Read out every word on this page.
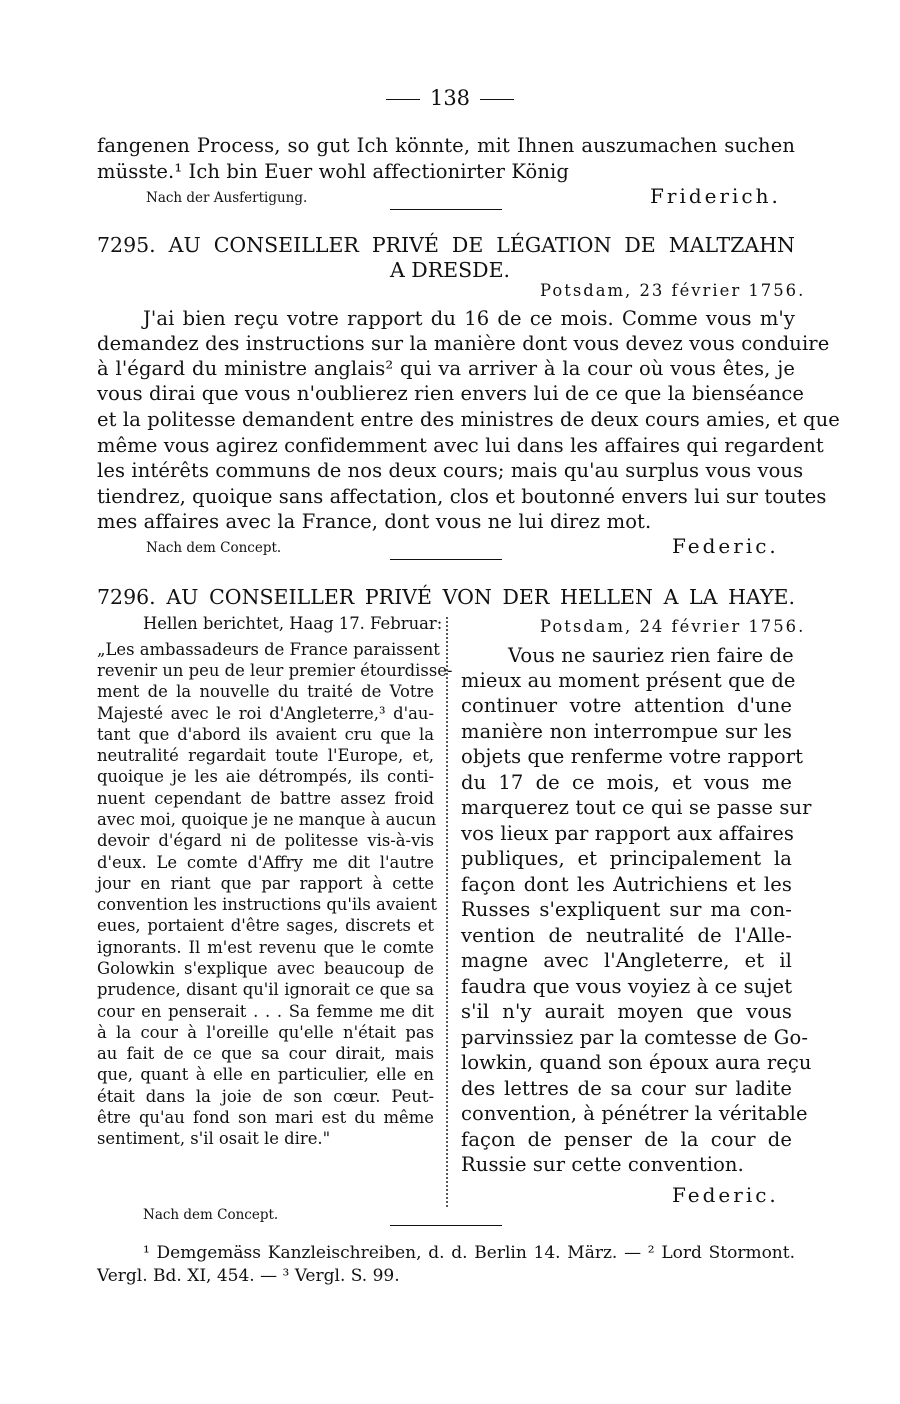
138
fangenen Process, so gut Ich könnte, mit Ihnen auszumachen suchen
müsste.¹ Ich bin Euer wohl affectionirter König
Nach der Ausfertigung.	Friderich.
7295. AU CONSEILLER PRIVÉ DE LÉGATION DE MALTZAHN
A DRESDE.
Potsdam, 23 février 1756.
J'ai bien reçu votre rapport du 16 de ce mois. Comme vous m'y
demandez des instructions sur la manière dont vous devez vous conduire
à l'égard du ministre anglais² qui va arriver à la cour où vous êtes, je
vous dirai que vous n'oublierez rien envers lui de ce que la bienséance
et la politesse demandent entre des ministres de deux cours amies, et que
même vous agirez confidemment avec lui dans les affaires qui regardent
les intérêts communs de nos deux cours; mais qu'au surplus vous vous
tiendrez, quoique sans affectation, clos et boutonné envers lui sur toutes
mes affaires avec la France, dont vous ne lui direz mot.
Nach dem Concept.	Federic.
7296. AU CONSEILLER PRIVÉ VON DER HELLEN A LA HAYE.
Hellen berichtet, Haag 17. Februar:
„Les ambassadeurs de France paraissent
revenir un peu de leur premier étourdisse-
ment de la nouvelle du traité de Votre
Majesté avec le roi d'Angleterre,³ d'au-
tant que d'abord ils avaient cru que la
neutralité regardait toute l'Europe, et,
quoique je les aie détrompés, ils conti-
nuent cependant de battre assez froid
avec moi, quoique je ne manque à aucun
devoir d'égard ni de politesse vis-à-vis
d'eux. Le comte d'Affry me dit l'autre
jour en riant que par rapport à cette
convention les instructions qu'ils avaient
eues, portaient d'être sages, discrets et
ignorants. Il m'est revenu que le comte
Golowkin s'explique avec beaucoup de
prudence, disant qu'il ignorait ce que sa
cour en penserait . . . Sa femme me dit
à la cour à l'oreille qu'elle n'était pas
au fait de ce que sa cour dirait, mais
que, quant à elle en particulier, elle en
était dans la joie de son cœur. Peut-
être qu'au fond son mari est du même
sentiment, s'il osait le dire."
Potsdam, 24 février 1756.
Vous ne sauriez rien faire de
mieux au moment présent que de
continuer votre attention d'une
manière non interrompue sur les
objets que renferme votre rapport
du 17 de ce mois, et vous me
marquerez tout ce qui se passe sur
vos lieux par rapport aux affaires
publiques, et principalement la
façon dont les Autrichiens et les
Russes s'expliquent sur ma con-
vention de neutralité de l'Alle-
magne avec l'Angleterre, et il
faudra que vous voyiez à ce sujet
s'il n'y aurait moyen que vous
parvinssiez par la comtesse de Go-
lowkin, quand son époux aura reçu
des lettres de sa cour sur ladite
convention, à pénétrer la véritable
façon de penser de la cour de
Russie sur cette convention.
Federic.
Nach dem Concept.
¹ Demgemäss Kanzleischreiben, d. d. Berlin 14. März. — ² Lord Stormont.
Vergl. Bd. XI, 454. — ³ Vergl. S. 99.
